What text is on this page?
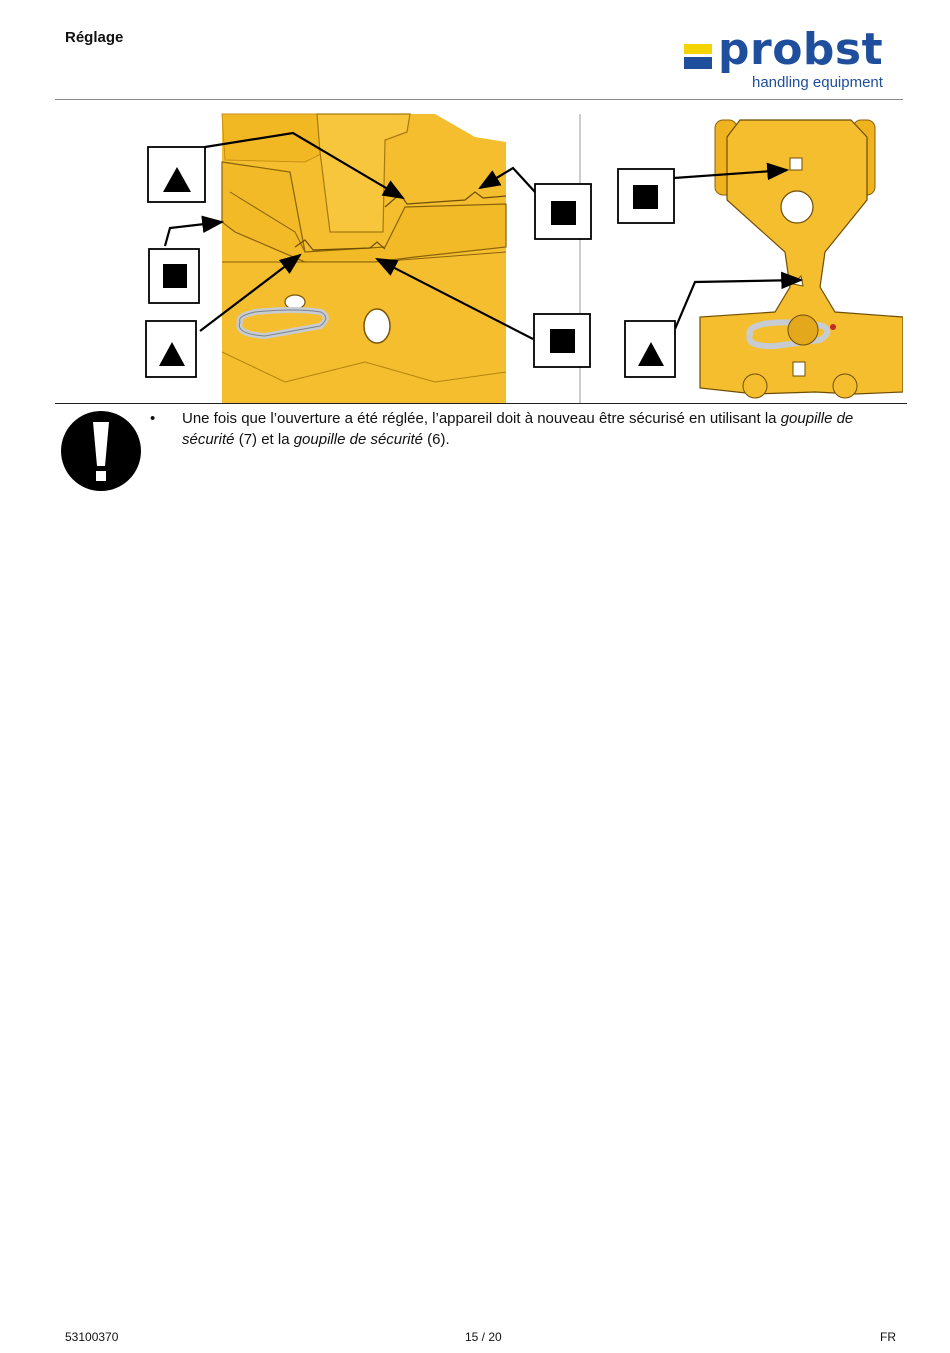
Réglage	probst
handling equipment
•	Une fois que l’ouverture a été réglée, l’appareil doit à nouveau être sécurisé en utilisant la goupille de sécurité (7) et la goupille de sécurité (6).
53100370	15 / 20	FR
